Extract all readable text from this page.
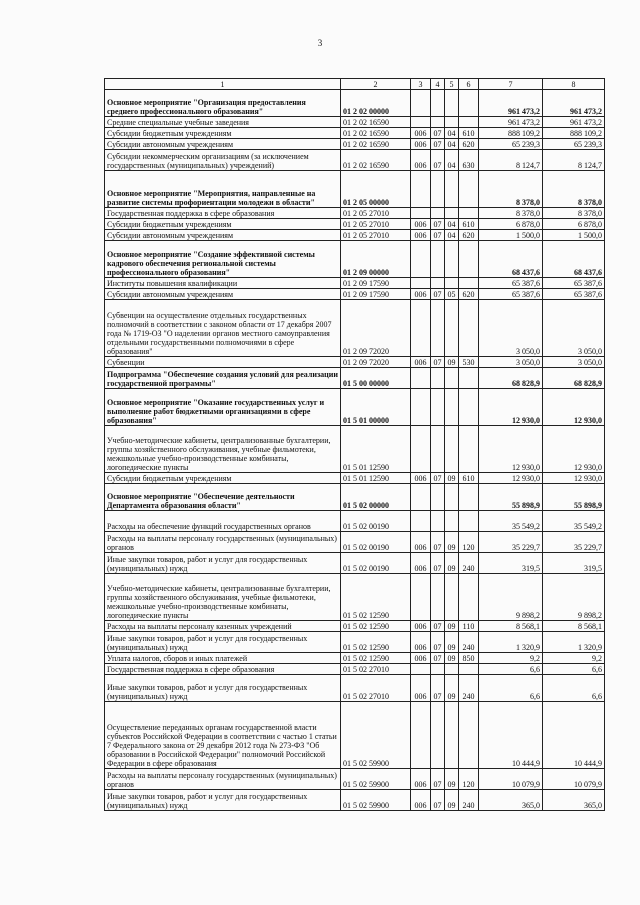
3
1	2	3	4	5	6	7	8
Основное мероприятие "Организация предоставления среднего профессионального образования"	01 2 02 00000					961 473,2	961 473,2
Средние специальные учебные заведения	01 2 02 16590					961 473,2	961 473,2
Субсидии бюджетным учреждениям	01 2 02 16590	006	07	04	610	888 109,2	888 109,2
Субсидии автономным учреждениям	01 2 02 16590	006	07	04	620	65 239,3	65 239,3
Субсидии некоммерческим организациям (за исключением государственных (муниципальных) учреждений)	01 2 02 16590	006	07	04	630	8 124,7	8 124,7
Основное мероприятие "Мероприятия, направленные на развитие системы профориентации молодежи в области"	01 2 05 00000					8 378,0	8 378,0
Государственная поддержка в сфере образования	01 2 05 27010					8 378,0	8 378,0
Субсидии бюджетным учреждениям	01 2 05 27010	006	07	04	610	6 878,0	6 878,0
Субсидии автономным учреждениям	01 2 05 27010	006	07	04	620	1 500,0	1 500,0
Основное мероприятие "Создание эффективной системы кадрового обеспечения региональной системы профессионального образования"	01 2 09 00000					68 437,6	68 437,6
Институты повышения квалификации	01 2 09 17590					65 387,6	65 387,6
Субсидии автономным учреждениям	01 2 09 17590	006	07	05	620	65 387,6	65 387,6
Субвенции на осуществление отдельных государственных полномочий в соответствии с законом области от 17 декабря 2007 года № 1719-ОЗ "О наделении органов местного самоуправления отдельными государственными полномочиями в сфере образования"	01 2 09 72020					3 050,0	3 050,0
Субвенции	01 2 09 72020	006	07	09	530	3 050,0	3 050,0
Подпрограмма "Обеспечение создания условий для реализации государственной программы"	01 5 00 00000					68 828,9	68 828,9
Основное мероприятие "Оказание государственных услуг и выполнение работ бюджетными организациями в сфере образования"	01 5 01 00000					12 930,0	12 930,0
Учебно-методические кабинеты, централизованные бухгалтерии, группы хозяйственного обслуживания, учебные фильмотеки, межшкольные учебно-производственные комбинаты, логопедические пункты	01 5 01 12590					12 930,0	12 930,0
Субсидии бюджетным учреждениям	01 5 01 12590	006	07	09	610	12 930,0	12 930,0
Основное мероприятие "Обеспечение деятельности Департамента образования области"	01 5 02 00000					55 898,9	55 898,9
Расходы на обеспечение функций государственных органов	01 5 02 00190					35 549,2	35 549,2
Расходы на выплаты персоналу государственных (муниципальных) органов	01 5 02 00190	006	07	09	120	35 229,7	35 229,7
Иные закупки товаров, работ и услуг для государственных (муниципальных) нужд	01 5 02 00190	006	07	09	240	319,5	319,5
Учебно-методические кабинеты, централизованные бухгалтерии, группы хозяйственного обслуживания, учебные фильмотеки, межшкольные учебно-производственные комбинаты, логопедические пункты	01 5 02 12590					9 898,2	9 898,2
Расходы на выплаты персоналу казенных учреждений	01 5 02 12590	006	07	09	110	8 568,1	8 568,1
Иные закупки товаров, работ и услуг для государственных (муниципальных) нужд	01 5 02 12590	006	07	09	240	1 320,9	1 320,9
Уплата налогов, сборов и иных платежей	01 5 02 12590	006	07	09	850	9,2	9,2
Государственная поддержка в сфере образования	01 5 02 27010					6,6	6,6
Иные закупки товаров, работ и услуг для государственных (муниципальных) нужд	01 5 02 27010	006	07	09	240	6,6	6,6
Осуществление переданных органам государственной власти субъектов Российской Федерации в соответствии с частью 1 статьи 7 Федерального закона от 29 декабря 2012 года № 273-ФЗ "Об образовании в Российской Федерации" полномочий Российской Федерации в сфере образования	01 5 02 59900					10 444,9	10 444,9
Расходы на выплаты персоналу государственных (муниципальных) органов	01 5 02 59900	006	07	09	120	10 079,9	10 079,9
Иные закупки товаров, работ и услуг для государственных (муниципальных) нужд	01 5 02 59900	006	07	09	240	365,0	365,0
